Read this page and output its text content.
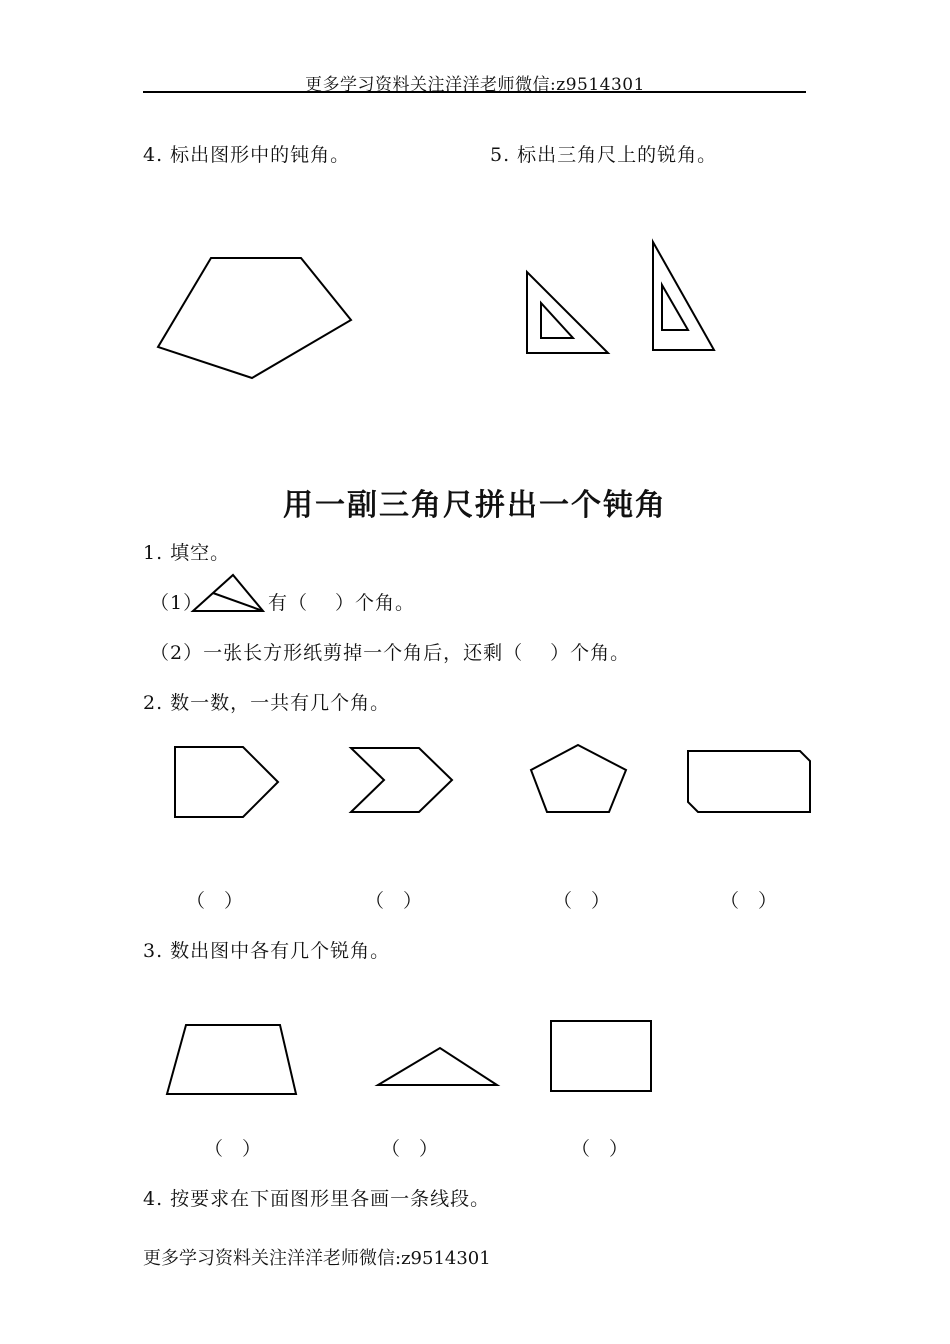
更多学习资料关注洋洋老师微信:z9514301
4. 标出图形中的钝角。	5. 标出三角尺上的锐角。
用一副三角尺拼出一个钝角
1. 填空。
（1）	有（　 ）个角。
（2）一张长方形纸剪掉一个角后，还剩（　 ）个角。
2. 数一数，一共有几个角。
（　）	（　）	（　）	（　）
3. 数出图中各有几个锐角。
（　）	（　）	（　）
4. 按要求在下面图形里各画一条线段。
更多学习资料关注洋洋老师微信:z9514301
